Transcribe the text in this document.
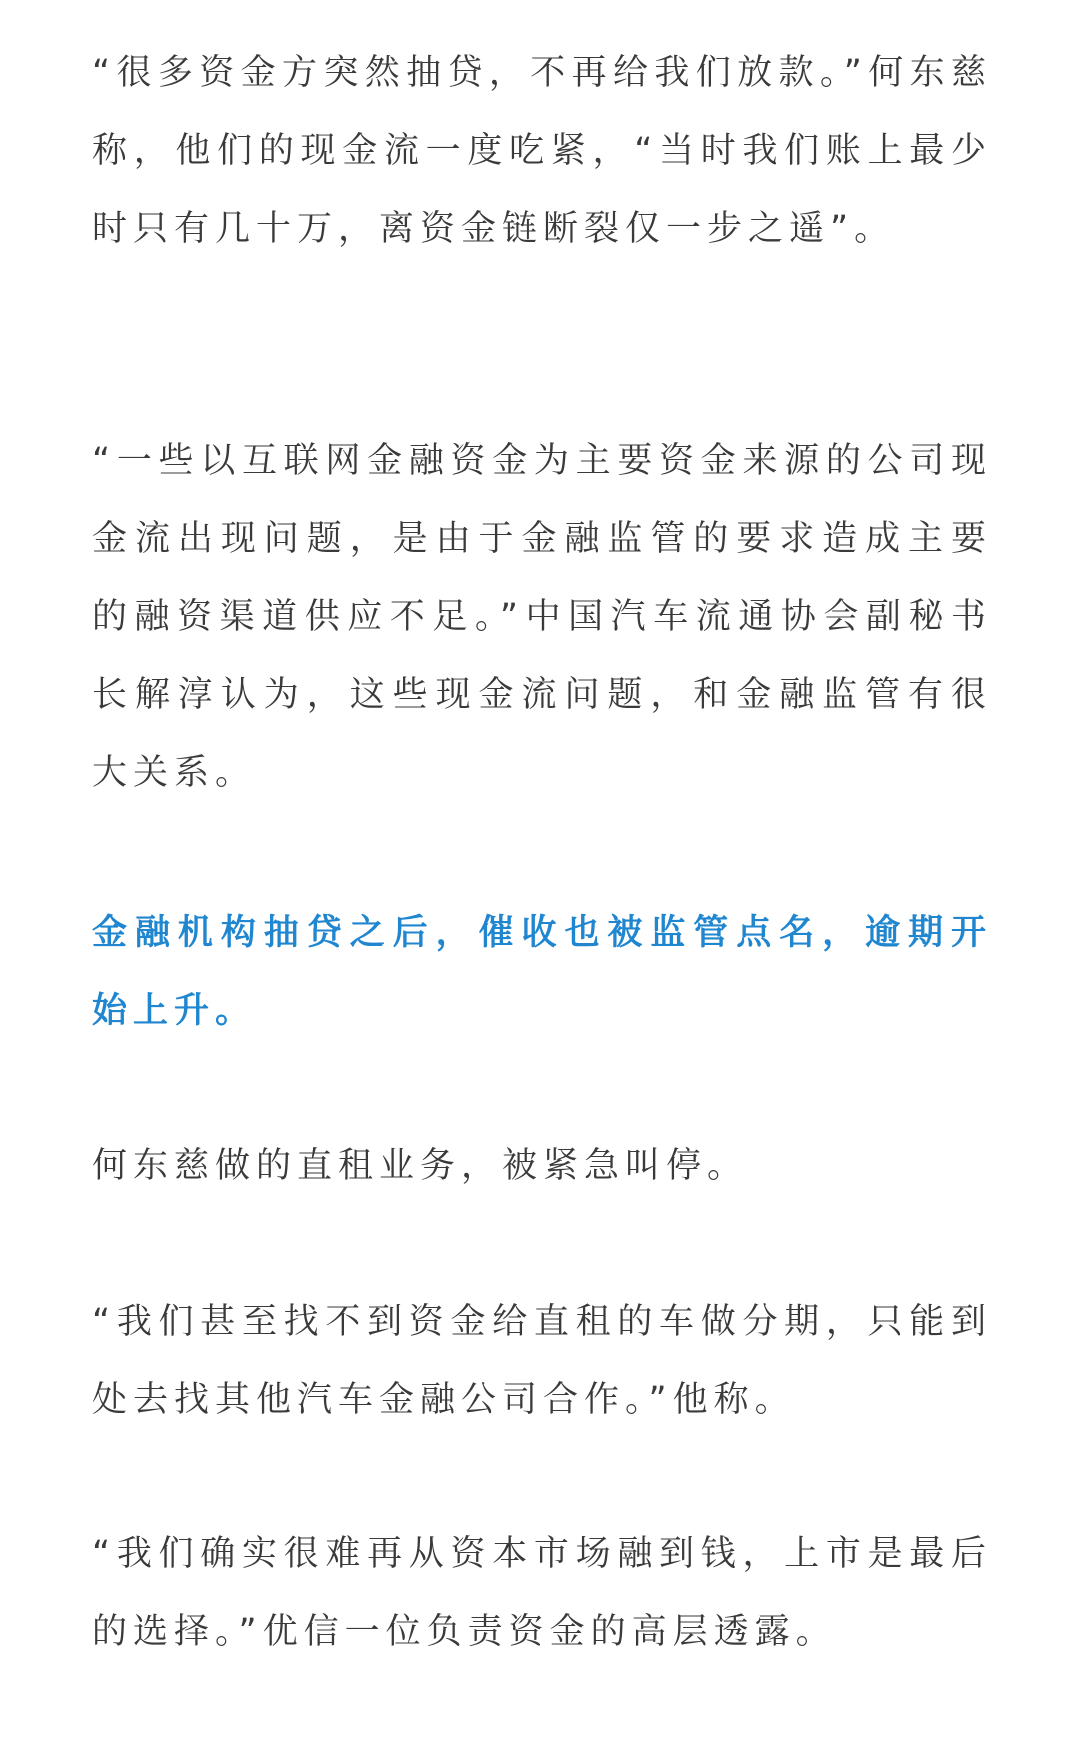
“很多资金方突然抽贷，不再给我们放款。”何东慈称，他们的现金流一度吃紧，“当时我们账上最少时只有几十万，离资金链断裂仅一步之遥”。

“一些以互联网金融资金为主要资金来源的公司现金流出现问题，是由于金融监管的要求造成主要的融资渠道供应不足。”中国汽车流通协会副秘书长解淳认为，这些现金流问题，和金融监管有很大关系。

金融机构抽贷之后，催收也被监管点名，逾期开始上升。

何东慈做的直租业务，被紧急叫停。

“我们甚至找不到资金给直租的车做分期，只能到处去找其他汽车金融公司合作。”他称。

“我们确实很难再从资本市场融到钱，上市是最后的选择。”优信一位负责资金的高层透露。
